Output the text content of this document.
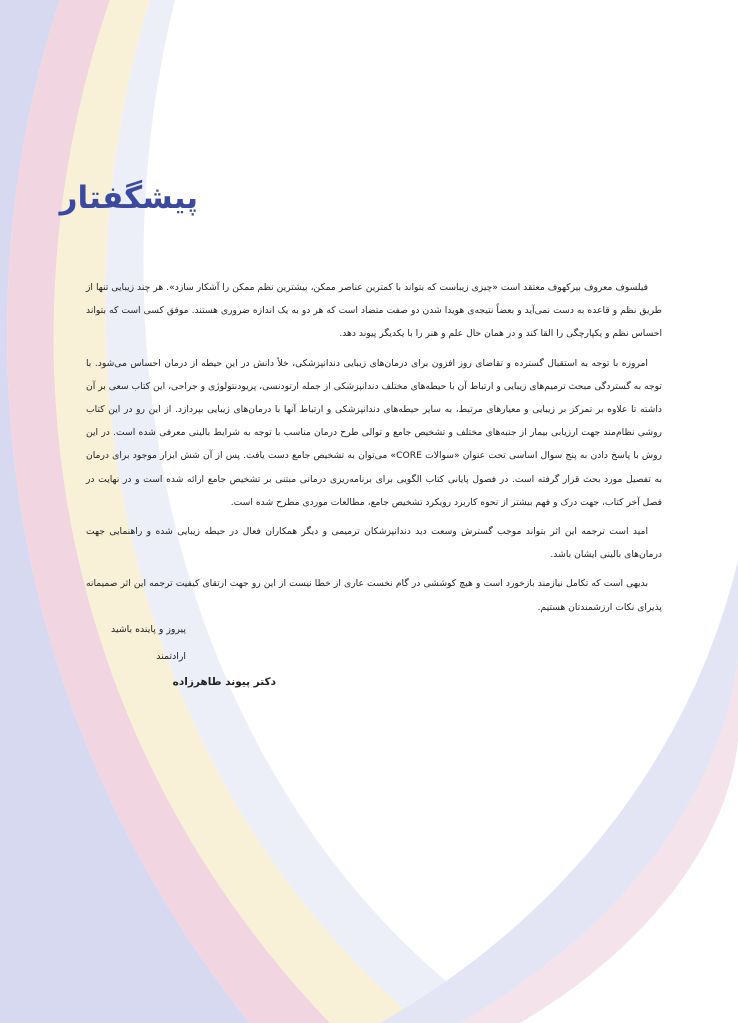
پیشگفتار

فیلسوف معروف بیرکهوف معتقد است «چیزی زیباست که بتواند با کمترین عناصر ممکن، بیشترین نظم ممکن را آشکار سازد». هر چند زیبایی تنها از طریق نظم و قاعده به دست نمی‌آید و بعضاً نتیجه‌ی هویدا شدن دو صفت متضاد است که هر دو به یک اندازه ضروری هستند. موفق کسی است که بتواند احساس نظم و یکپارچگی را القا کند و در همان حال علم و هنر را با یکدیگر پیوند دهد.

امروزه با توجه به استقبال گسترده و تقاضای روز افزون برای درمان‌های زیبایی دندانپزشکی، خلأ دانش در این حیطه از درمان احساس می‌شود. با توجه به گستردگی مبحث ترمیم‌های زیبایی و ارتباط آن با حیطه‌های مختلف دندانپزشکی از جمله ارتودنسی، پریودنتولوژی و جراحی، این کتاب سعی بر آن داشته تا علاوه بر تمرکز بر زیبایی و معیارهای مرتبط، به سایر حیطه‌های دندانپزشکی و ارتباط آنها با درمان‌های زیبایی بپردازد. از این رو در این کتاب روشی نظام‌مند جهت ارزیابی بیمار از جنبه‌های مختلف و تشخیص جامع و توالی طرح درمان مناسب با توجه به شرایط بالینی معرفی شده است. در این روش با پاسخ دادن به پنج سوال اساسی تحت عنوان «سوالات CORE» می‌توان به تشخیص جامع دست یافت. پس از آن شش ابزار موجود برای درمان به تفصیل مورد بحث قرار گرفته است. در فصول پایانی کتاب الگویی برای برنامه‌ریزی درمانی مبتنی بر تشخیص جامع ارائه شده است و در نهایت در فصل آخر کتاب، جهت درک و فهم بیشتر از نحوه کاربرد رویکرد تشخیص جامع، مطالعات موردی مطرح شده است.

امید است ترجمه این اثر بتواند موجب گسترش وسعت دید دندانپزشکان ترمیمی و دیگر همکاران فعال در حیطه زیبایی شده و راهنمایی جهت درمان‌های بالینی ایشان باشد.

بدیهی است که تکامل نیازمند بازخورد است و هیچ کوششی در گام نخست عاری از خطا نیست از این رو جهت ارتقای کیفیت ترجمه این اثر صمیمانه پذیرای نکات ارزشمندتان هستیم.

پیروز و پاینده باشید
ارادتمند
دکتر پیوند طاهرزاده
